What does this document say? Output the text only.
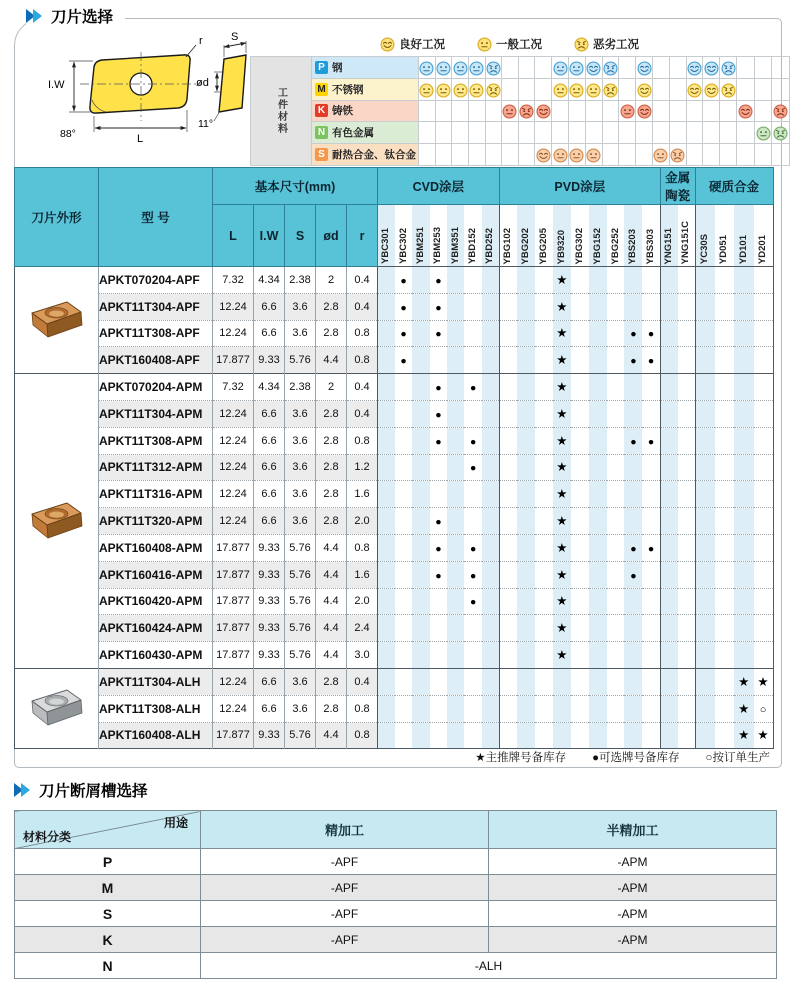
刀片选择
I.W
L
r
88°
S
ød
11°
良好工况	一般工况	恶劣工况
工件材料	P 钢

	M 不锈钢

	K 铸铁

	N 有色金属

	S 耐热合金、钛合金

刀片外形	型 号	基本尺寸(mm)					CVD涂层							PVD涂层									金属陶瓷		硬质合金			
		L	I.W	S	ød	r	YBC301	YBC302	YBM251	YBM253	YBM351	YBD152	YBD252	YBG102	YBG202	YBG205	YB9320	YBG302	YBG152	YBG252	YBS203	YBS303	YNG151	YNG151C	YC30S	YD051	YD101	YD201

	APKT070204-APF	7.32	4.34	2.38	2	0.4		●		●							★											
	APKT11T304-APF	12.24	6.6	3.6	2.8	0.4		●		●							★											
	APKT11T308-APF	12.24	6.6	3.6	2.8	0.8		●		●							★				●	●						
	APKT160408-APF	17.877	9.33	5.76	4.4	0.8		●									★				●	●						
	APKT070204-APM	7.32	4.34	2.38	2	0.4				●		●					★											
	APKT11T304-APM	12.24	6.6	3.6	2.8	0.4				●							★											
	APKT11T308-APM	12.24	6.6	3.6	2.8	0.8				●		●					★				●	●						
	APKT11T312-APM	12.24	6.6	3.6	2.8	1.2						●					★											
	APKT11T316-APM	12.24	6.6	3.6	2.8	1.6											★											
	APKT11T320-APM	12.24	6.6	3.6	2.8	2.0				●							★											
	APKT160408-APM	17.877	9.33	5.76	4.4	0.8				●		●					★				●	●						
	APKT160416-APM	17.877	9.33	5.76	4.4	1.6				●		●					★				●							
	APKT160420-APM	17.877	9.33	5.76	4.4	2.0						●					★											
	APKT160424-APM	17.877	9.33	5.76	4.4	2.4											★											
	APKT160430-APM	17.877	9.33	5.76	4.4	3.0											★											
	APKT11T304-ALH	12.24	6.6	3.6	2.8	0.4																					★	★
	APKT11T308-ALH	12.24	6.6	3.6	2.8	0.8																					★	○
	APKT160408-ALH	17.877	9.33	5.76	4.4	0.8																					★	★
★主推牌号备库存 ●可选牌号备库存 ○按订单生产
刀片断屑槽选择
用途
材料分类	精加工	半精加工
P	-APF	-APM
M	-APF	-APM
S	-APF	-APM
K	-APF	-APM
N	-ALH	
